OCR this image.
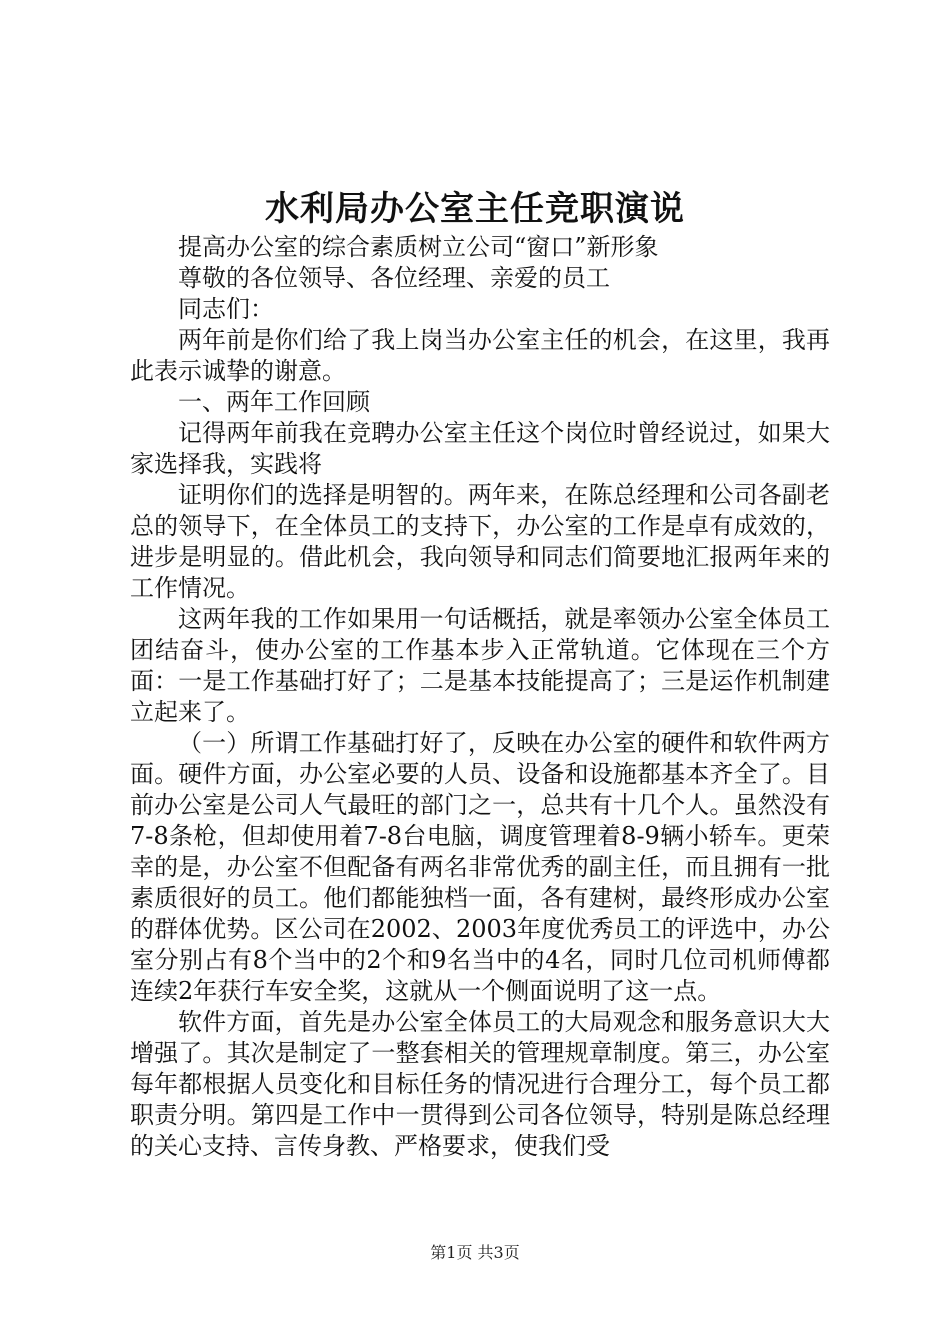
水利局办公室主任竞职演说

提高办公室的综合素质树立公司“窗口”新形象

尊敬的各位领导、各位经理、亲爱的员工

同志们：

两年前是你们给了我上岗当办公室主任的机会，在这里，我再此表示诚挚的谢意。

一、两年工作回顾

记得两年前我在竞聘办公室主任这个岗位时曾经说过，如果大家选择我，实践将

证明你们的选择是明智的。两年来，在陈总经理和公司各副老总的领导下，在全体员工的支持下，办公室的工作是卓有成效的，进步是明显的。借此机会，我向领导和同志们简要地汇报两年来的工作情况。

这两年我的工作如果用一句话概括，就是率领办公室全体员工团结奋斗，使办公室的工作基本步入正常轨道。它体现在三个方面：一是工作基础打好了；二是基本技能提高了；三是运作机制建立起来了。

（一）所谓工作基础打好了，反映在办公室的硬件和软件两方面。硬件方面，办公室必要的人员、设备和设施都基本齐全了。目前办公室是公司人气最旺的部门之一，总共有十几个人。虽然没有7-8条枪，但却使用着7-8台电脑，调度管理着8-9辆小轿车。更荣幸的是，办公室不但配备有两名非常优秀的副主任，而且拥有一批素质很好的员工。他们都能独档一面，各有建树，最终形成办公室的群体优势。区公司在2002、2003年度优秀员工的评选中，办公室分别占有8个当中的2个和9名当中的4名，同时几位司机师傅都连续2年获行车安全奖，这就从一个侧面说明了这一点。

软件方面，首先是办公室全体员工的大局观念和服务意识大大增强了。其次是制定了一整套相关的管理规章制度。第三，办公室每年都根据人员变化和目标任务的情况进行合理分工，每个员工都职责分明。第四是工作中一贯得到公司各位领导，特别是陈总经理的关心支持、言传身教、严格要求，使我们受

第1页 共3页
